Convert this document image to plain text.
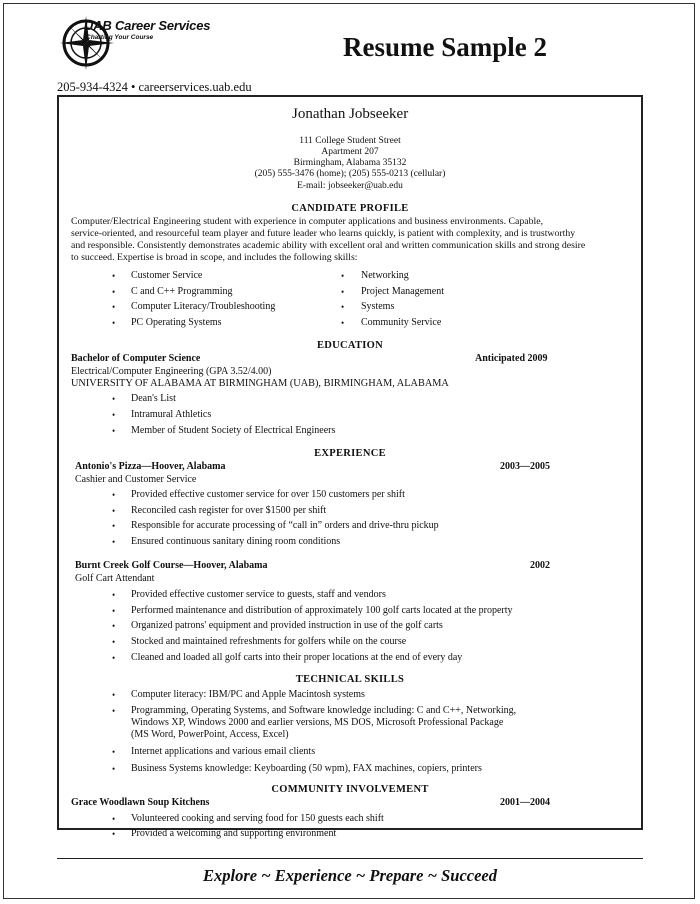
UAB Career Services
Charting Your Course	Resume Sample 2
205-934-4324 • careerservices.uab.edu
Jonathan Jobseeker
111 College Student Street
Apartment 207
Birmingham, Alabama 35132
(205) 555-3476 (home); (205) 555-0213 (cellular)
E-mail: jobseeker@uab.edu
CANDIDATE PROFILE
Computer/Electrical Engineering student with experience in computer applications and business environments. Capable,
service-oriented, and resourceful team player and future leader who learns quickly, is patient with complexity, and is trustworthy
and responsible. Consistently demonstrates academic ability with excellent oral and written communication skills and strong desire
to succeed. Expertise is broad in scope, and includes the following skills:
• Customer Service
• C and C++ Programming
• Computer Literacy/Troubleshooting
• PC Operating Systems
• Networking
• Project Management
• Systems
• Community Service
EDUCATION
Bachelor of Computer Science	Anticipated 2009
Electrical/Computer Engineering (GPA 3.52/4.00)
UNIVERSITY OF ALABAMA AT BIRMINGHAM (UAB), BIRMINGHAM, ALABAMA
• Dean's List
• Intramural Athletics
• Member of Student Society of Electrical Engineers
EXPERIENCE
Antonio's Pizza—Hoover, Alabama	2003—2005
Cashier and Customer Service
• Provided effective customer service for over 150 customers per shift
• Reconciled cash register for over $1500 per shift
• Responsible for accurate processing of “call in” orders and drive-thru pickup
• Ensured continuous sanitary dining room conditions
Burnt Creek Golf Course—Hoover, Alabama	2002
Golf Cart Attendant
• Provided effective customer service to guests, staff and vendors
• Performed maintenance and distribution of approximately 100 golf carts located at the property
• Organized patrons' equipment and provided instruction in use of the golf carts
• Stocked and maintained refreshments for golfers while on the course
• Cleaned and loaded all golf carts into their proper locations at the end of every day
TECHNICAL SKILLS
• Computer literacy: IBM/PC and Apple Macintosh systems
• Programming, Operating Systems, and Software knowledge including: C and C++, Networking,
Windows XP, Windows 2000 and earlier versions, MS DOS, Microsoft Professional Package
(MS Word, PowerPoint, Access, Excel)
• Internet applications and various email clients
• Business Systems knowledge: Keyboarding (50 wpm), FAX machines, copiers, printers
COMMUNITY INVOLVEMENT
Grace Woodlawn Soup Kitchens	2001—2004
• Volunteered cooking and serving food for 150 guests each shift
• Provided a welcoming and supporting environment
Explore ~ Experience ~ Prepare ~ Succeed
